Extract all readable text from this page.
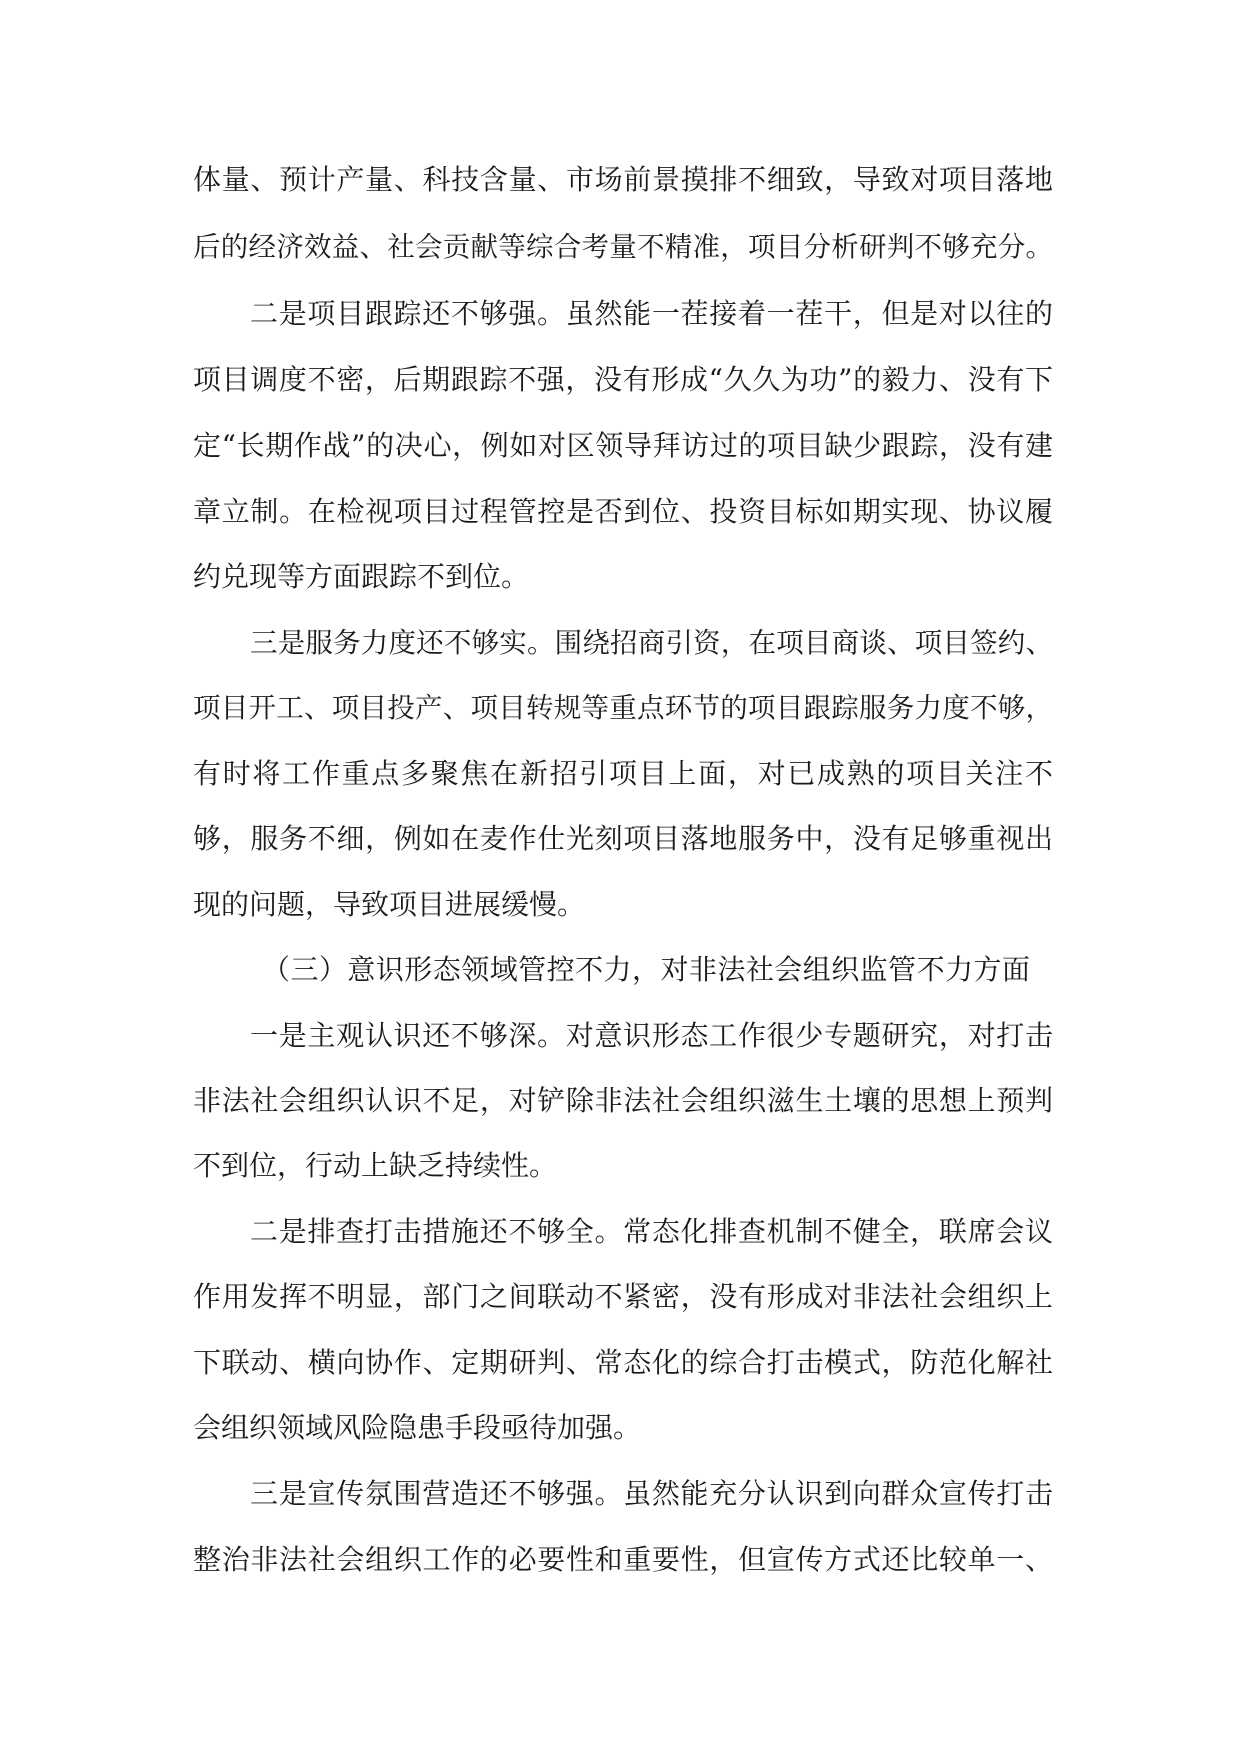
体量、预计产量、科技含量、市场前景摸排不细致，导致对项目落地
后的经济效益、社会贡献等综合考量不精准，项目分析研判不够充分。
二是项目跟踪还不够强。虽然能一茬接着一茬干，但是对以往的
项目调度不密，后期跟踪不强，没有形成“久久为功”的毅力、没有下
定“长期作战”的决心，例如对区领导拜访过的项目缺少跟踪，没有建
章立制。在检视项目过程管控是否到位、投资目标如期实现、协议履
约兑现等方面跟踪不到位。
三是服务力度还不够实。围绕招商引资，在项目商谈、项目签约、
项目开工、项目投产、项目转规等重点环节的项目跟踪服务力度不够，
有时将工作重点多聚焦在新招引项目上面，对已成熟的项目关注不
够，服务不细，例如在麦作仕光刻项目落地服务中，没有足够重视出
现的问题，导致项目进展缓慢。
（三）意识形态领域管控不力，对非法社会组织监管不力方面
一是主观认识还不够深。对意识形态工作很少专题研究，对打击
非法社会组织认识不足，对铲除非法社会组织滋生土壤的思想上预判
不到位，行动上缺乏持续性。
二是排查打击措施还不够全。常态化排查机制不健全，联席会议
作用发挥不明显，部门之间联动不紧密，没有形成对非法社会组织上
下联动、横向协作、定期研判、常态化的综合打击模式，防范化解社
会组织领域风险隐患手段亟待加强。
三是宣传氛围营造还不够强。虽然能充分认识到向群众宣传打击
整治非法社会组织工作的必要性和重要性，但宣传方式还比较单一、
